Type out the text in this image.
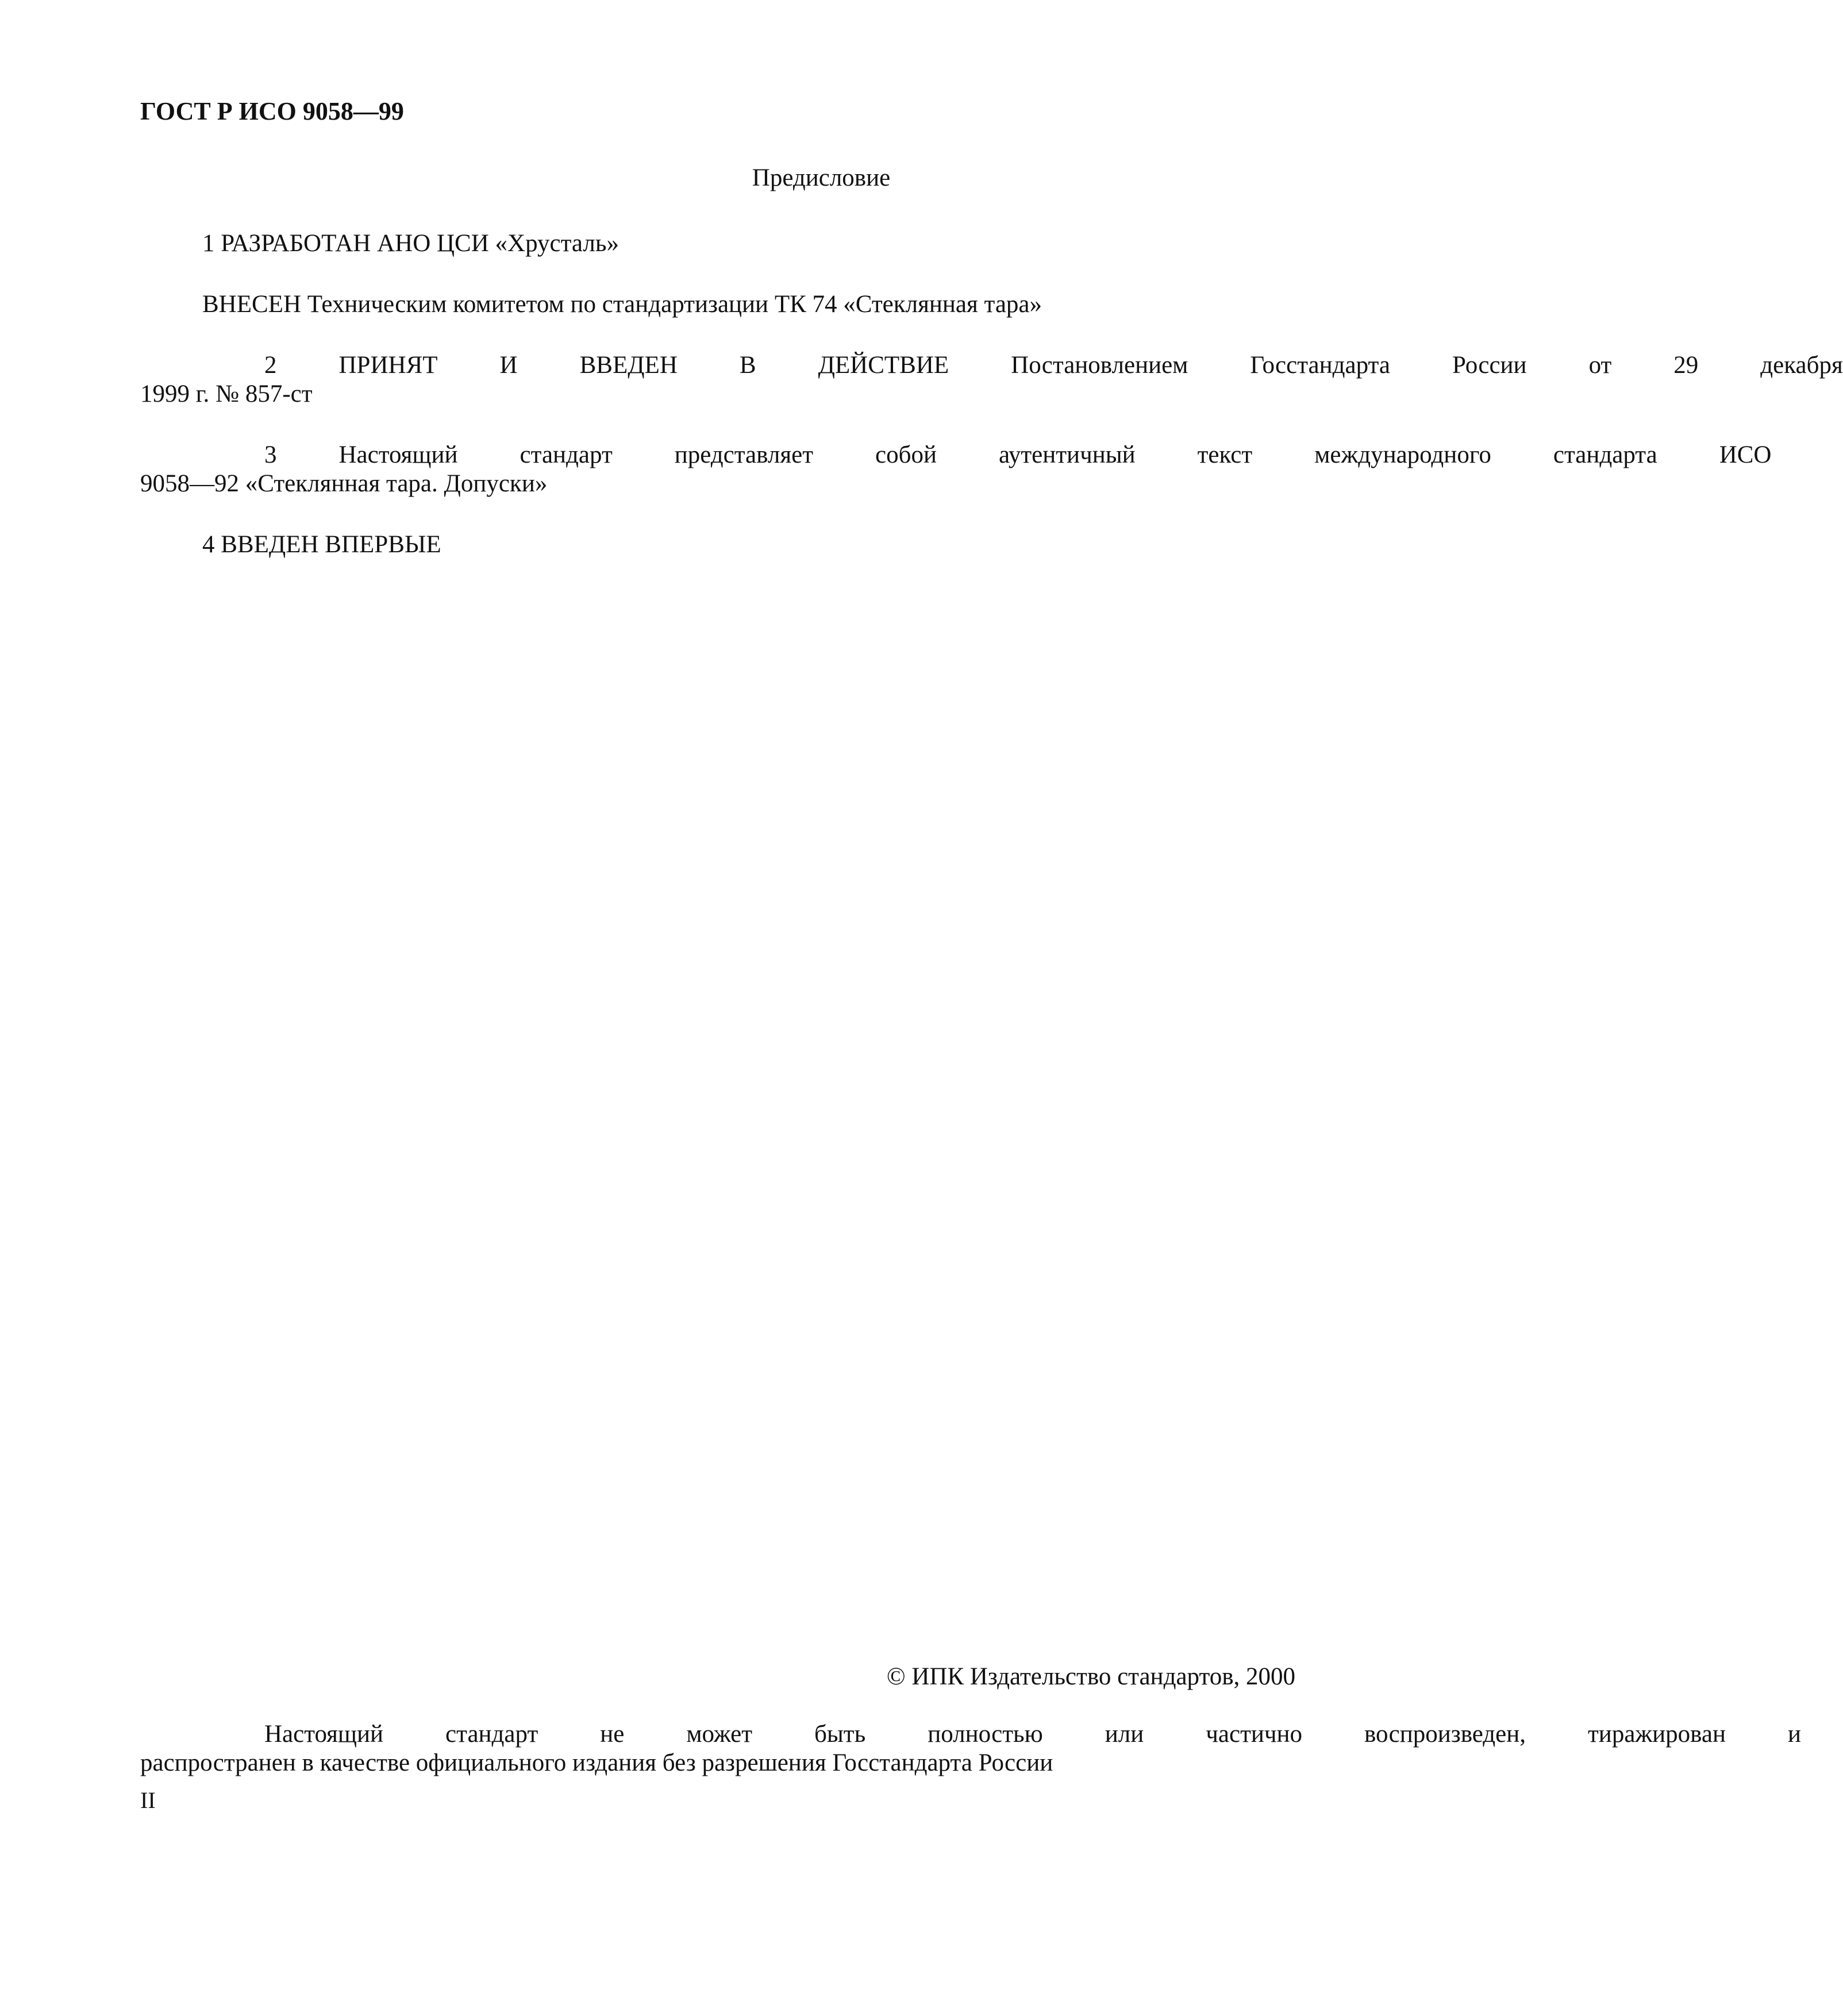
ГОСТ Р ИСО 9058—99
Предисловие
1 РАЗРАБОТАН АНО ЦСИ «Хрусталь»
ВНЕСЕН Техническим комитетом по стандартизации ТК 74 «Стеклянная тара»
2	ПРИНЯТ	И	ВВЕДЕН	В	ДЕЙСТВИЕ	Постановлением	Госстандарта	России	от	29	декабря
1999 г. № 857-ст
3	Настоящий	стандарт	представляет	собой	аутентичный	текст	международного	стандарта	ИСО
9058—92 «Стеклянная тара. Допуски»
4 ВВЕДЕН ВПЕРВЫЕ
© ИПК Издательство стандартов, 2000
Настоящий	стандарт	не	может	быть	полностью	или	частично	воспроизведен,	тиражирован	и
распространен в качестве официального издания без разрешения Госстандарта России
II
